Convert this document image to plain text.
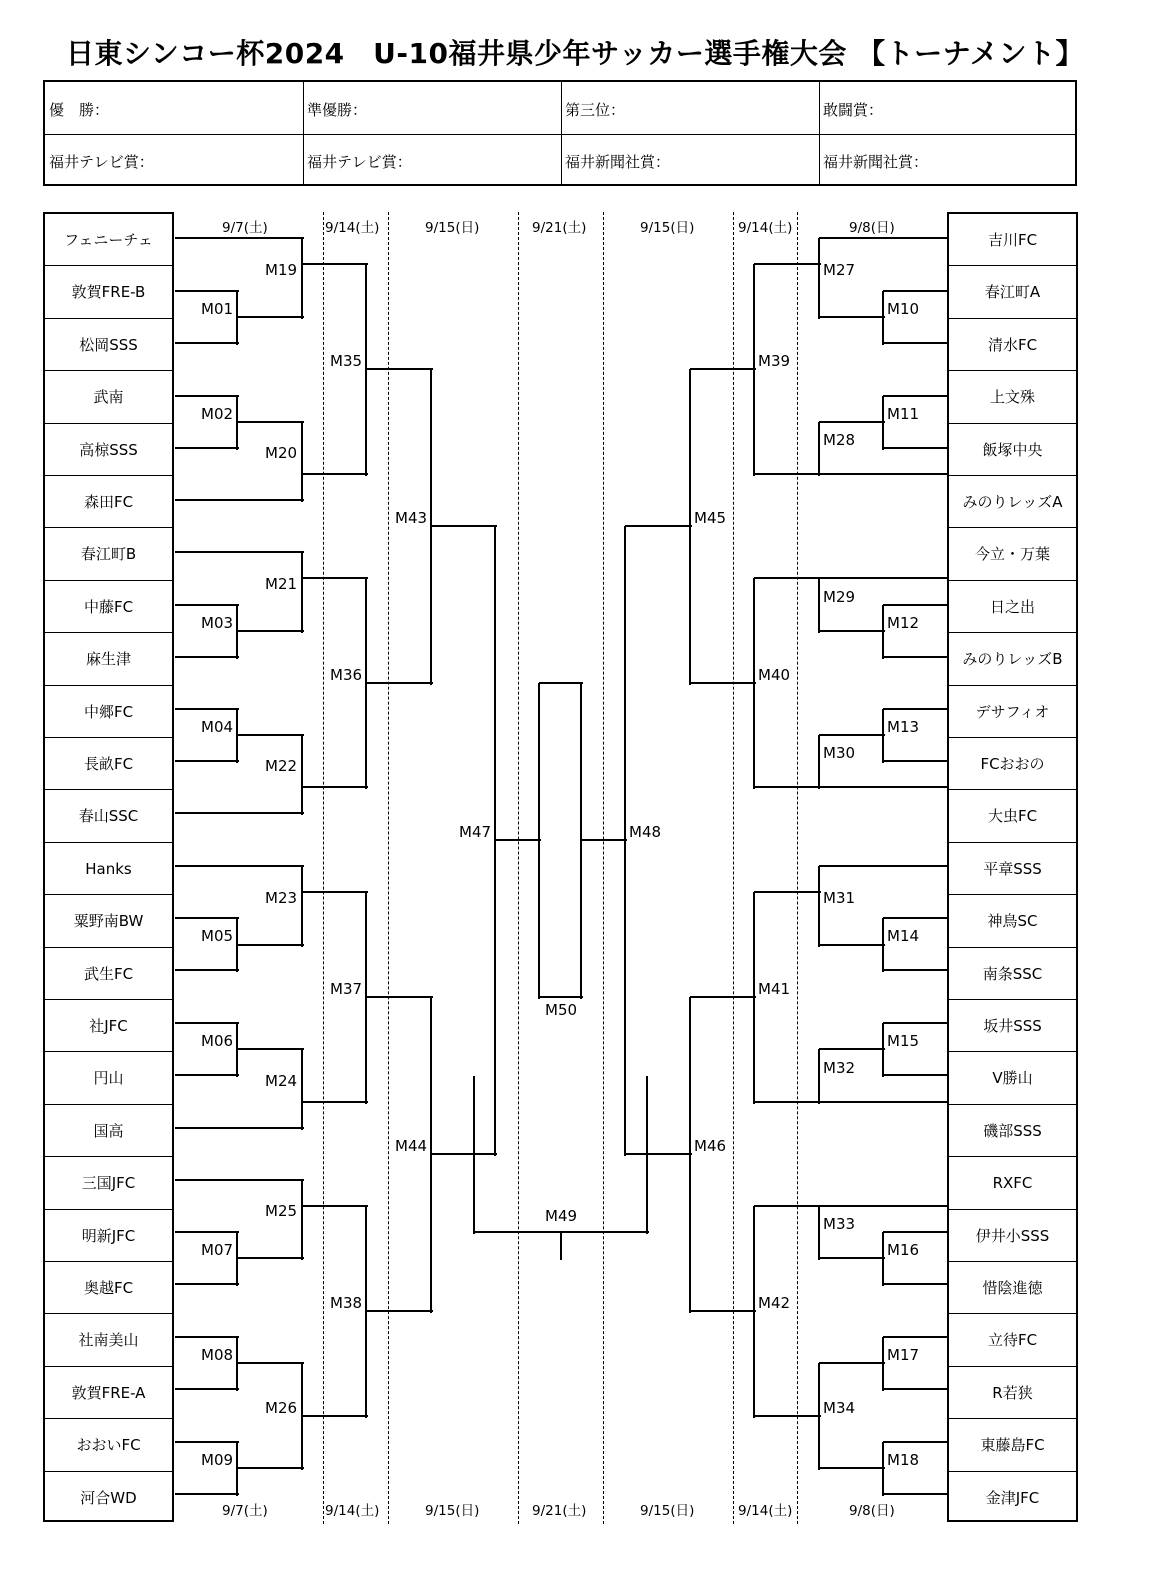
日東シンコー杯2024　U-10福井県少年サッカー選手権大会 【トーナメント】
優　勝：	準優勝：	第三位：	敢闘賞：
福井テレビ賞：	福井テレビ賞：	福井新聞社賞：	福井新聞社賞：
9/7(土)	9/14(土)	9/15(日)	9/21(土)	9/15(日)	9/14(土)	9/8(日)
9/7(土)	9/14(土)	9/15(日)	9/21(土)	9/15(日)	9/14(土)	9/8(日)
フェニーチェ
敦賀FRE-B
松岡SSS
武南
高椋SSS
森田FC
春江町B
中藤FC
麻生津
中郷FC
長畝FC
春山SSC
Hanks
粟野南BW
武生FC
社JFC
円山
国高
三国JFC
明新JFC
奥越FC
社南美山
敦賀FRE-A
おおいFC
河合WD
吉川FC
春江町A
清水FC
上文殊
飯塚中央
みのりレッズA
今立・万葉
日之出
みのりレッズB
デサフィオ
FCおおの
大虫FC
平章SSS
神鳥SC
南条SSC
坂井SSS
V勝山
磯部SSS
RXFC
伊井小SSS
惜陰進徳
立待FC
R若狭
東藤島FC
金津JFC
M01
M02
M03
M04
M05
M06
M07
M08
M09
M19
M20
M21
M22
M23
M24
M25
M26
M35
M36
M37
M38
M43
M44
M47
M10
M11
M12
M13
M14
M15
M16
M17
M18
M27
M28
M29
M30
M31
M32
M33
M34
M39
M40
M41
M42
M45
M46
M48
M50
M49
